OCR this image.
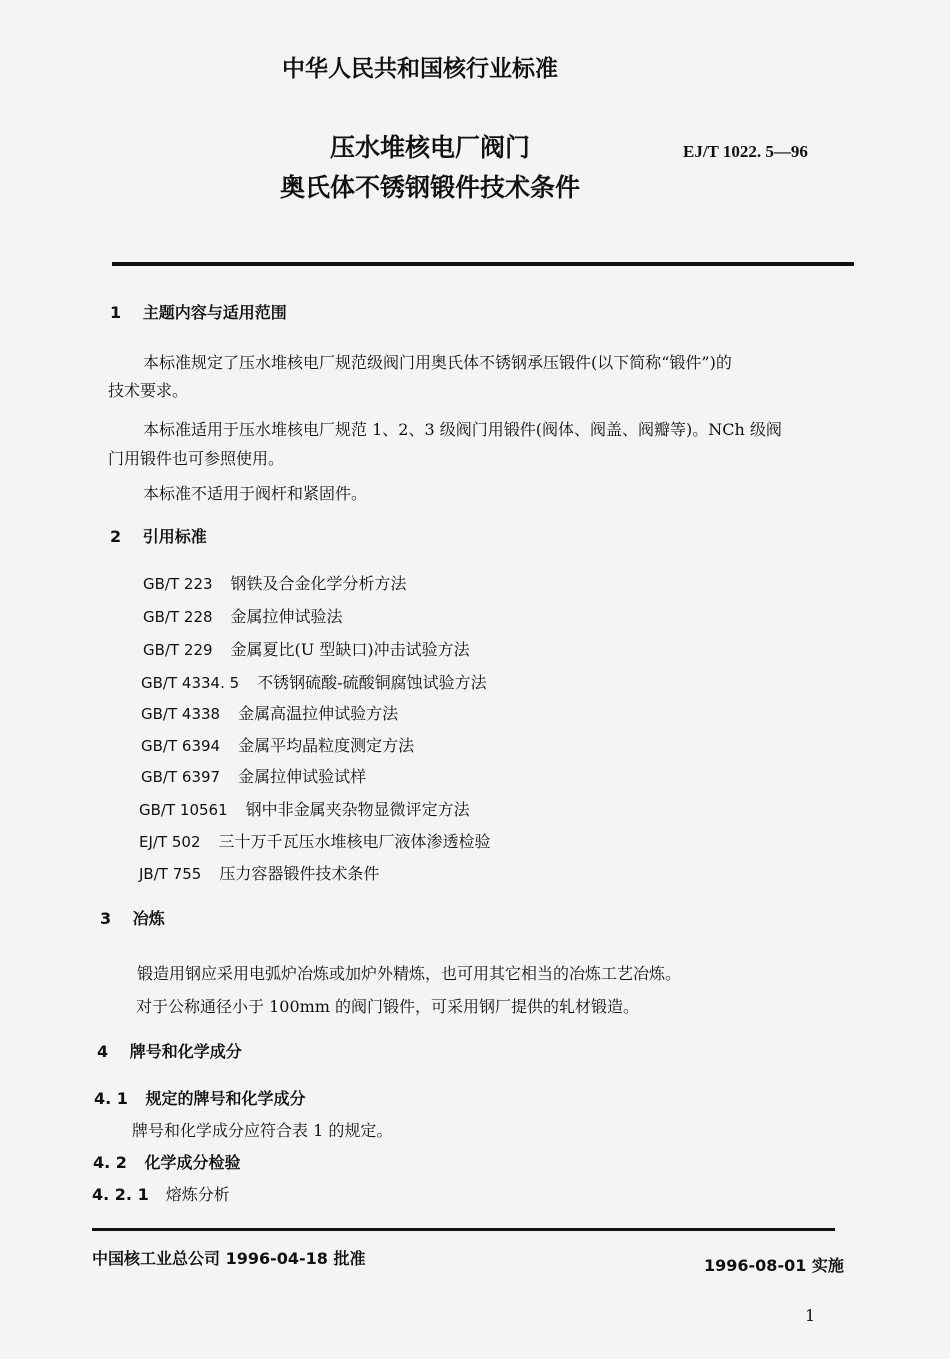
中华人民共和国核行业标准
压水堆核电厂阀门
奥氏体不锈钢锻件技术条件
EJ/T 1022. 5—96
1 主题内容与适用范围
本标准规定了压水堆核电厂规范级阀门用奥氏体不锈钢承压锻件(以下简称“锻件”)的
技术要求。
本标准适用于压水堆核电厂规范 1、2、3 级阀门用锻件(阀体、阀盖、阀瓣等)。NCh 级阀
门用锻件也可参照使用。
本标准不适用于阀杆和紧固件。
2 引用标准
GB/T 223 钢铁及合金化学分析方法
GB/T 228 金属拉伸试验法
GB/T 229 金属夏比(U 型缺口)冲击试验方法
GB/T 4334. 5 不锈钢硫酸-硫酸铜腐蚀试验方法
GB/T 4338 金属高温拉伸试验方法
GB/T 6394 金属平均晶粒度测定方法
GB/T 6397 金属拉伸试验试样
GB/T 10561 钢中非金属夹杂物显微评定方法
EJ/T 502 三十万千瓦压水堆核电厂液体渗透检验
JB/T 755 压力容器锻件技术条件
3 冶炼
锻造用钢应采用电弧炉冶炼或加炉外精炼，也可用其它相当的冶炼工艺冶炼。
对于公称通径小于 100mm 的阀门锻件，可采用钢厂提供的轧材锻造。
4 牌号和化学成分
4. 1 规定的牌号和化学成分
牌号和化学成分应符合表 1 的规定。
4. 2 化学成分检验
4. 2. 1 熔炼分析
中国核工业总公司 1996-04-18 批准	1996-08-01 实施
1
